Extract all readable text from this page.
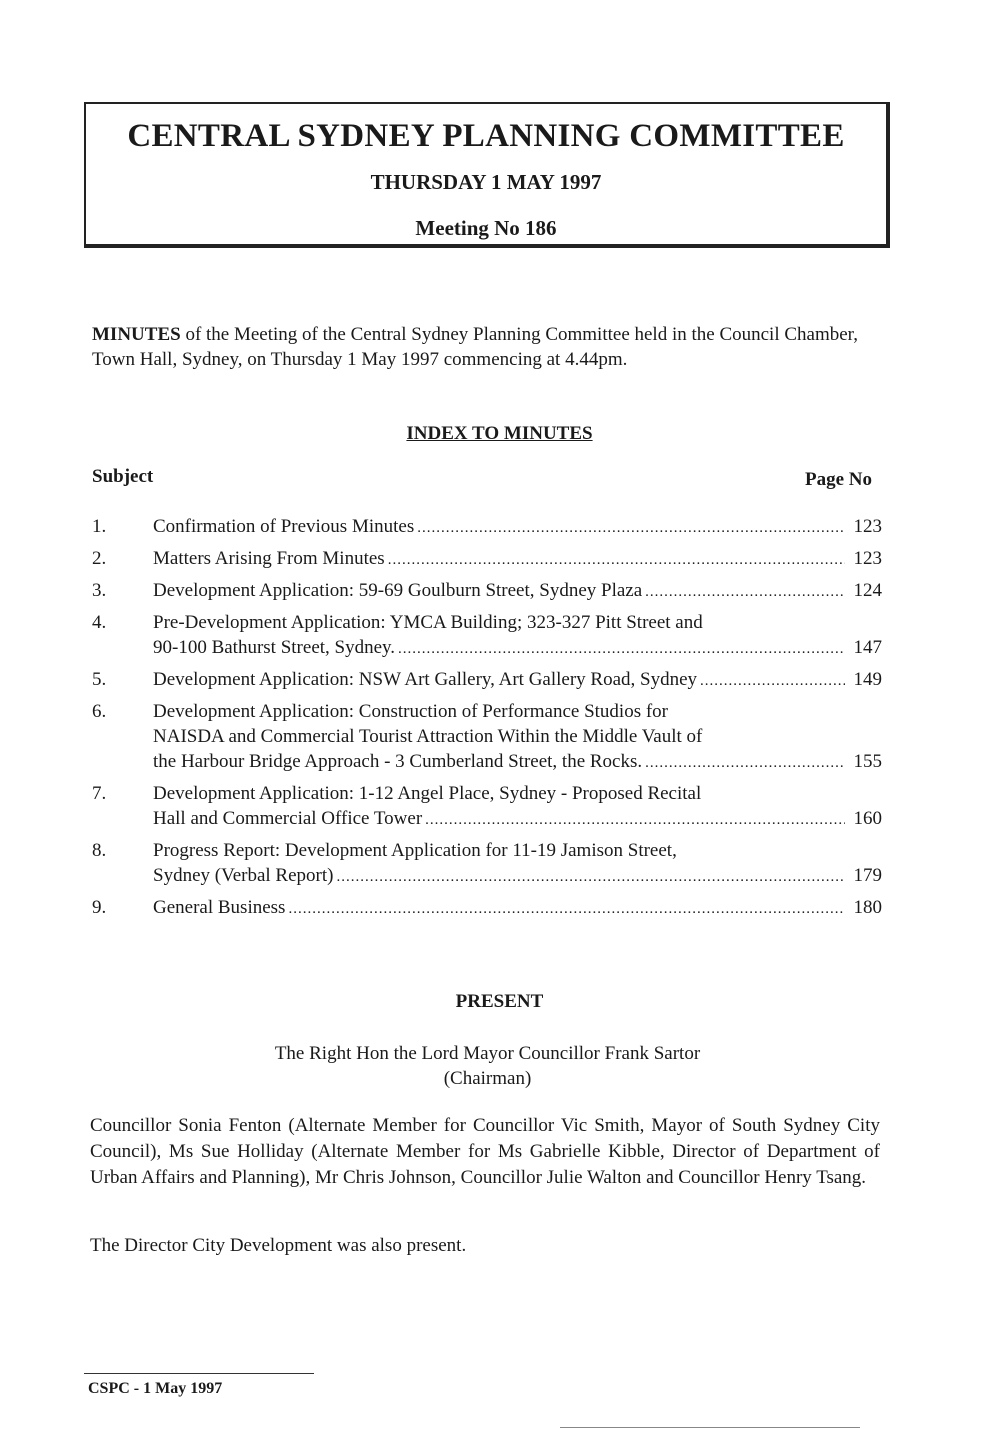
CENTRAL SYDNEY PLANNING COMMITTEE
THURSDAY 1 MAY 1997
Meeting No 186
MINUTES of the Meeting of the Central Sydney Planning Committee held in the Council Chamber, Town Hall, Sydney, on Thursday 1 May 1997 commencing at 4.44pm.
INDEX TO MINUTES
Subject	Page No
1.	Confirmation of Previous Minutes .....	123
2.	Matters Arising From Minutes .....	123
3.	Development Application: 59-69 Goulburn Street, Sydney Plaza .....	124
4.	Pre-Development Application: YMCA Building; 323-327 Pitt Street and
90-100 Bathurst Street, Sydney. .....	147
5.	Development Application: NSW Art Gallery, Art Gallery Road, Sydney .....	149
6.	Development Application: Construction of Performance Studios for
NAISDA and Commercial Tourist Attraction Within the Middle Vault of
the Harbour Bridge Approach - 3 Cumberland Street, the Rocks. .....	155
7.	Development Application: 1-12 Angel Place, Sydney - Proposed Recital
Hall and Commercial Office Tower .....	160
8.	Progress Report: Development Application for 11-19 Jamison Street,
Sydney (Verbal Report) .....	179
9.	General Business .....	180
PRESENT
The Right Hon the Lord Mayor Councillor Frank Sartor
(Chairman)
Councillor Sonia Fenton (Alternate Member for Councillor Vic Smith, Mayor of South Sydney City Council), Ms Sue Holliday (Alternate Member for Ms Gabrielle Kibble, Director of Department of Urban Affairs and Planning), Mr Chris Johnson, Councillor Julie Walton and Councillor Henry Tsang.
The Director City Development was also present.
CSPC - 1 May 1997
